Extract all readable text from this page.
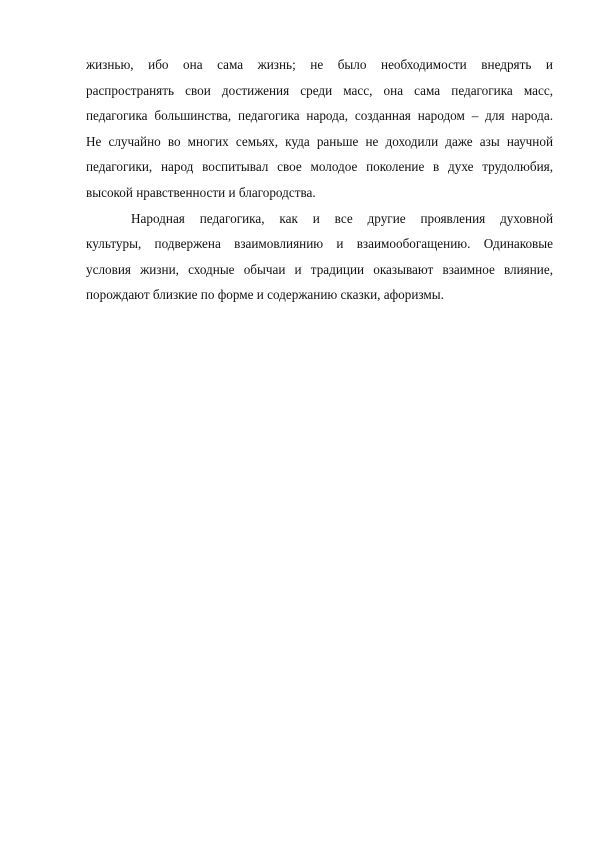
жизнью, ибо она сама жизнь; не было необходимости внедрять и
распространять свои достижения среди масс, она сама педагогика масс,
педагогика большинства, педагогика народа, созданная народом – для народа.
Не случайно во многих семьях, куда раньше не доходили даже азы научной
педагогики, народ воспитывал свое молодое поколение в духе трудолюбия,
высокой нравственности и благородства.
Народная педагогика, как и все другие проявления духовной
культуры, подвержена взаимовлиянию и взаимообогащению. Одинаковые
условия жизни, сходные обычаи и традиции оказывают взаимное влияние,
порождают близкие по форме и содержанию сказки, афоризмы.
